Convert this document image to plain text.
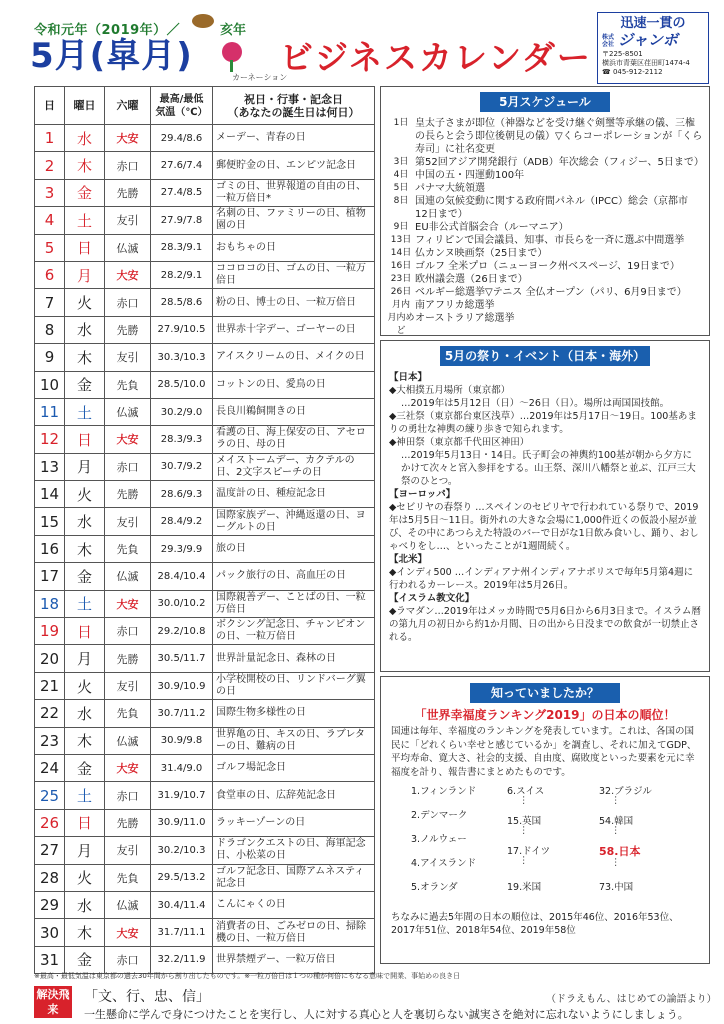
令和元年（2019年）／	亥年
5月(皐月)
カーネーション
ビジネスカレンダー
迅速一貫の
株式会社 ジャンボ
〒225-8501
横浜市青葉区荏田町1474-4
☎ 045-912-2112
日	曜日	六曜	最高/最低
気温（℃）	祝日・行事・記念日
（あなたの誕生日は何日）
1	水	大安	29.4/8.6	メーデー、青春の日
2	木	赤口	27.6/7.4	郵便貯金の日、エンピツ記念日
3	金	先勝	27.4/8.5	ゴミの日、世界報道の自由の日、一粒万倍日*
4	土	友引	27.9/7.8	名刺の日、ファミリーの日、植物園の日
5	日	仏滅	28.3/9.1	おもちゃの日
6	月	大安	28.2/9.1	ココロコの日、ゴムの日、一粒万倍日
7	火	赤口	28.5/8.6	粉の日、博士の日、一粒万倍日
8	水	先勝	27.9/10.5	世界赤十字デー、ゴーヤーの日
9	木	友引	30.3/10.3	アイスクリームの日、メイクの日
10	金	先負	28.5/10.0	コットンの日、愛鳥の日
11	土	仏滅	30.2/9.0	長良川鵜飼開きの日
12	日	大安	28.3/9.3	看護の日、海上保安の日、アセロラの日、母の日
13	月	赤口	30.7/9.2	メイストームデー、カクテルの日、2文字スピーチの日
14	火	先勝	28.6/9.3	温度計の日、種痘記念日
15	水	友引	28.4/9.2	国際家族デー、沖縄返還の日、ヨーグルトの日
16	木	先負	29.3/9.9	旅の日
17	金	仏滅	28.4/10.4	パック旅行の日、高血圧の日
18	土	大安	30.0/10.2	国際親善デー、ことばの日、一粒万倍日
19	日	赤口	29.2/10.8	ボクシング記念日、チャンピオンの日、一粒万倍日
20	月	先勝	30.5/11.7	世界計量記念日、森林の日
21	火	友引	30.9/10.9	小学校開校の日、リンドバーグ翼の日
22	水	先負	30.7/11.2	国際生物多様性の日
23	木	仏滅	30.9/9.8	世界亀の日、キスの日、ラブレターの日、難病の日
24	金	大安	31.4/9.0	ゴルフ場記念日
25	土	赤口	31.9/10.7	食堂車の日、広辞苑記念日
26	日	先勝	30.9/11.0	ラッキーゾーンの日
27	月	友引	30.2/10.3	ドラゴンクエストの日、海軍記念日、小松菜の日
28	火	先負	29.5/13.2	ゴルフ記念日、国際アムネスティ記念日
29	水	仏滅	30.4/11.4	こんにゃくの日
30	木	大安	31.7/11.1	消費者の日、ごみゼロの日、掃除機の日、一粒万倍日
31	金	赤口	32.2/11.9	世界禁煙デー、一粒万倍日
※最高・最低気温は東京都の過去30年間から割り出したものです。※一粒万倍日は１つの種が何倍にもなる意味で開業、事始めの良き日
解決飛来
「文、行、忠、信」	（ドラえもん、はじめての論語より）
一生懸命に学んで身につけたことを実行し、人に対する真心と人を裏切らない誠実さを絶対に忘れないようにしましょう。
5月スケジュール
1日 皇太子さまが即位（神器などを受け継ぐ剣璽等承継の儀、三権の長らと会う即位後朝見の儀）▽くらコーポレーションが「くら寿司」に社名変更
3日 第52回アジア開発銀行（ADB）年次総会（フィジー、5日まで）
4日 中国の五・四運動100年
5日 パナマ大統領選
8日 国連の気候変動に関する政府間パネル（IPCC）総会（京都市 12日まで）
9日 EU非公式首脳会合（ルーマニア）
13日 フィリピンで国会議員、知事、市長らを一斉に選ぶ中間選挙
14日 仏カンヌ映画祭（25日まで）
16日 ゴルフ 全米プロ（ニューヨーク州ベスページ、19日まで）
23日 欧州議会選（26日まで）
26日 ベルギー総選挙▽テニス 全仏オープン（パリ、6月9日まで）
月内 南アフリカ総選挙
月内めど
オーストラリア総選挙
5月の祭り・イベント（日本・海外）
【日本】
◆大相撲五月場所（東京都）
…2019年は5月12日（日）～26日（日）。場所は両国国技館。
◆三社祭（東京都台東区浅草）…2019年は5月17日～19日。100基あまりの勇壮な神輿の練り歩きで知られます。
◆神田祭（東京都千代田区神田）
…2019年5月13日・14日。氏子町会の神輿約100基が朝から夕方にかけて次々と宮入参拝をする。山王祭、深川八幡祭と並ぶ、江戸三大祭のひとつ。
【ヨーロッパ】
◆セビリヤの春祭り …スペインのセビリヤで行われている祭りで、2019年は5月5日～11日。街外れの大きな会場に1,000件近くの仮設小屋が並び、その中にあつらえた特設のバーで日がな1日飲み食いし、踊り、おしゃべりをし…、といったことが1週間続く。
【北米】
◆インディ500 …インディアナ州インディアナポリスで毎年5月第4週に行われるカーレース。2019年は5月26日。
【イスラム教文化】
◆ラマダン…2019年はメッカ時間で5月6日から6月3日まで。イスラム暦の第九月の初日から約1か月間、日の出から日没までの飲食が一切禁止される。
知っていましたか？
「世界幸福度ランキング2019」の日本の順位！
国連は毎年、幸福度のランキングを発表しています。これは、各国の国民に「どれくらい幸せと感じているか」を調査し、それに加えてGDP、平均寿命、寛大さ、社会的支援、自由度、腐敗度といった要素を元に幸福度を計り、報告書にまとめたものです。
1.フィンランド
2.デンマーク
3.ノルウェー
4.アイスランド
5.オランダ
6.スイス
⋮
15.英国
⋮
17.ドイツ
⋮
19.米国
32.ブラジル
⋮
54.韓国
⋮
58.日本
⋮
73.中国
ちなみに過去5年間の日本の順位は、2015年46位、2016年53位、2017年51位、2018年54位、2019年58位
